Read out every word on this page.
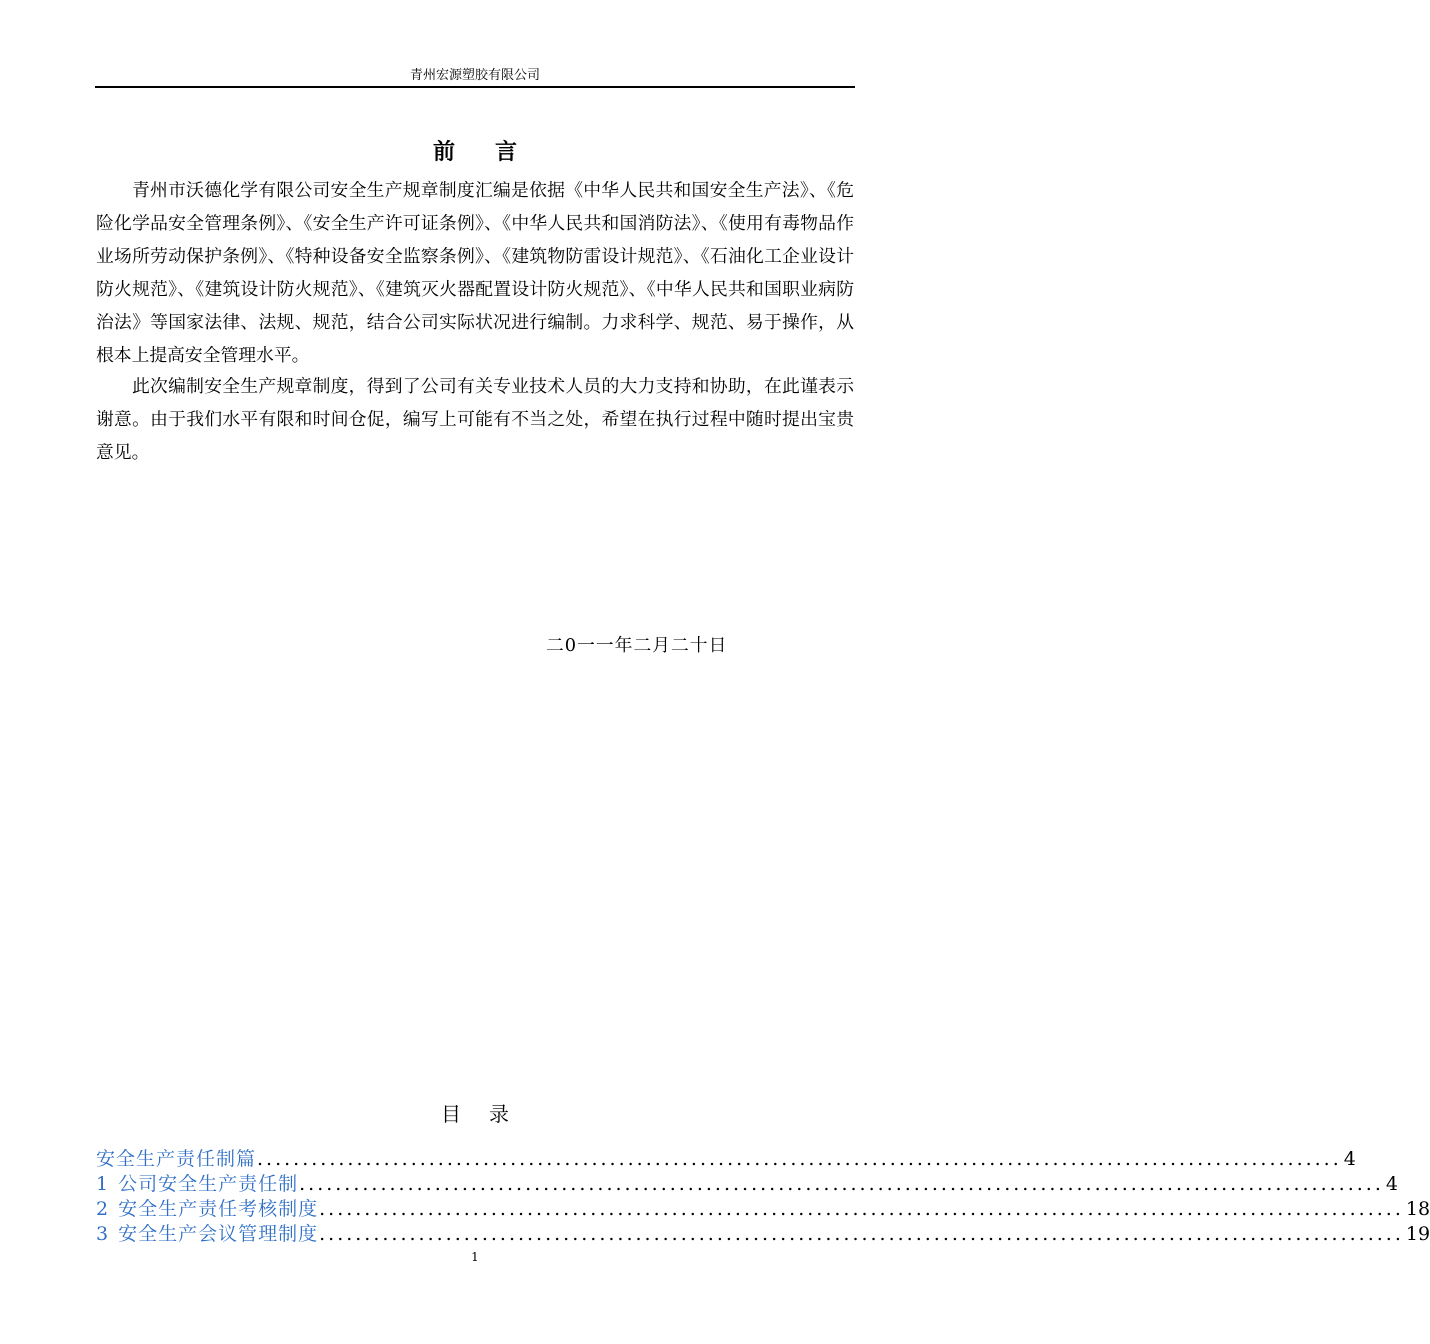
青州宏源塑胶有限公司
前言

青州市沃德化学有限公司安全生产规章制度汇编是依据《中华人民共和国安全生产法》、《危险化学品安全管理条例》、《安全生产许可证条例》、《中华人民共和国消防法》、《使用有毒物品作业场所劳动保护条例》、《特种设备安全监察条例》、《建筑物防雷设计规范》、《石油化工企业设计防火规范》、《建筑设计防火规范》、《建筑灭火器配置设计防火规范》、《中华人民共和国职业病防治法》等国家法律、法规、规范，结合公司实际状况进行编制。力求科学、规范、易于操作，从根本上提高安全管理水平。

此次编制安全生产规章制度，得到了公司有关专业技术人员的大力支持和协助，在此谨表示谢意。由于我们水平有限和时间仓促，编写上可能有不当之处，希望在执行过程中随时提出宝贵意见。

二0一一年二月二十日
目录
安全生产责任制篇 ........................................................................................................................ 4
1 公司安全生产责任制 ........................................................................................................................ 4
2 安全生产责任考核制度 ........................................................................................................................ 18
3 安全生产会议管理制度 ........................................................................................................................ 19
1
